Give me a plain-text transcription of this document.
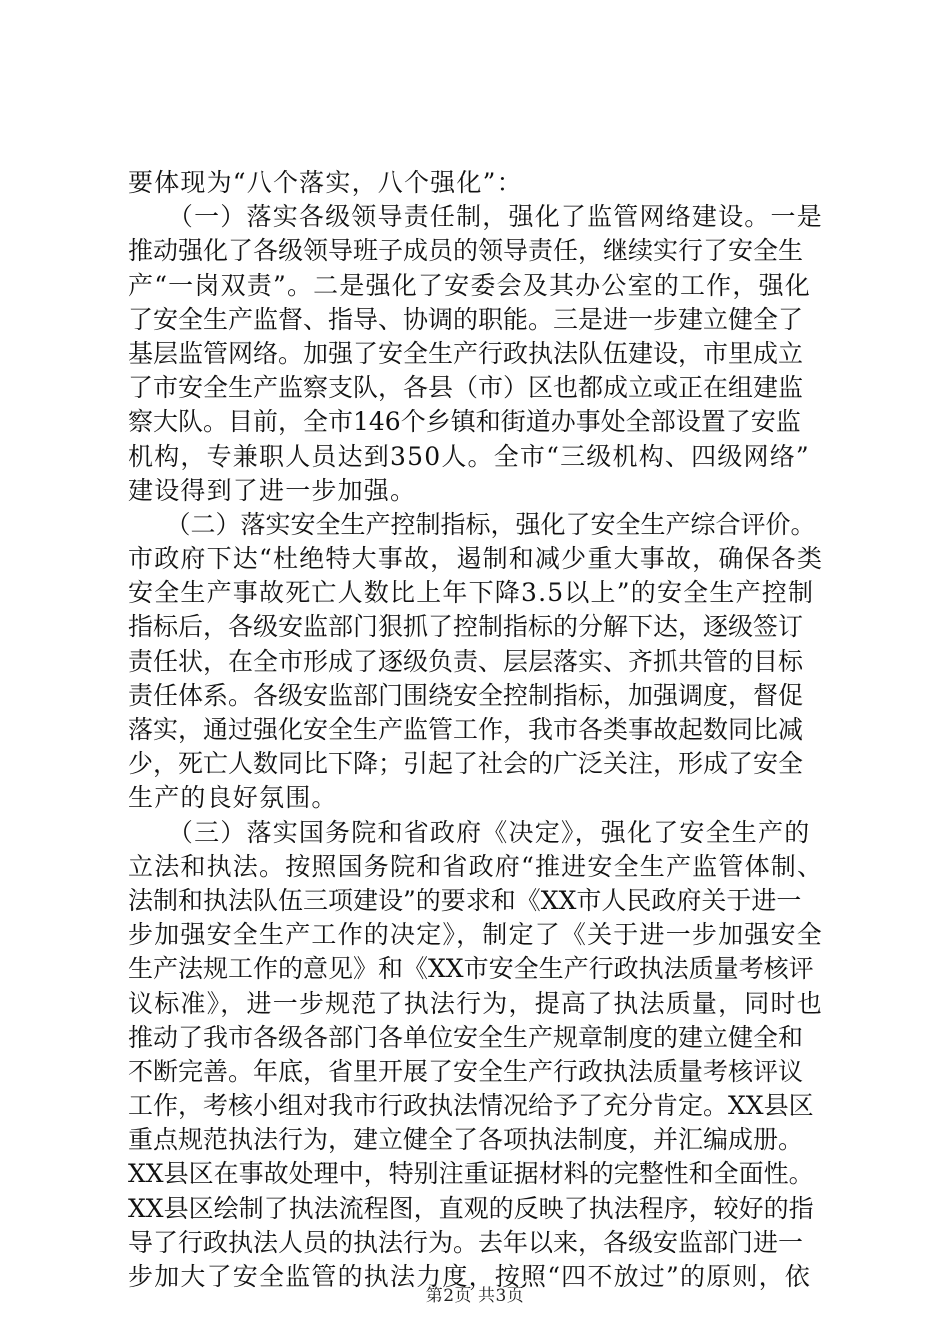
要体现为“八个落实，八个强化”：
　　（一）落实各级领导责任制，强化了监管网络建设。一是
推动强化了各级领导班子成员的领导责任，继续实行了安全生
产“一岗双责”。二是强化了安委会及其办公室的工作，强化
了安全生产监督、指导、协调的职能。三是进一步建立健全了
基层监管网络。加强了安全生产行政执法队伍建设，市里成立
了市安全生产监察支队，各县（市）区也都成立或正在组建监
察大队。目前，全市146个乡镇和街道办事处全部设置了安监
机构，专兼职人员达到350人。全市“三级机构、四级网络”
建设得到了进一步加强。
　　（二）落实安全生产控制指标，强化了安全生产综合评价。
市政府下达“杜绝特大事故，遏制和减少重大事故，确保各类
安全生产事故死亡人数比上年下降3.5以上”的安全生产控制
指标后，各级安监部门狠抓了控制指标的分解下达，逐级签订
责任状，在全市形成了逐级负责、层层落实、齐抓共管的目标
责任体系。各级安监部门围绕安全控制指标，加强调度，督促
落实，通过强化安全生产监管工作，我市各类事故起数同比减
少，死亡人数同比下降；引起了社会的广泛关注，形成了安全
生产的良好氛围。
　　（三）落实国务院和省政府《决定》，强化了安全生产的
立法和执法。按照国务院和省政府“推进安全生产监管体制、
法制和执法队伍三项建设”的要求和《XX市人民政府关于进一
步加强安全生产工作的决定》，制定了《关于进一步加强安全
生产法规工作的意见》和《XX市安全生产行政执法质量考核评
议标准》，进一步规范了执法行为，提高了执法质量，同时也
推动了我市各级各部门各单位安全生产规章制度的建立健全和
不断完善。年底，省里开展了安全生产行政执法质量考核评议
工作，考核小组对我市行政执法情况给予了充分肯定。XX县区
重点规范执法行为，建立健全了各项执法制度，并汇编成册。
XX县区在事故处理中，特别注重证据材料的完整性和全面性。
XX县区绘制了执法流程图，直观的反映了执法程序，较好的指
导了行政执法人员的执法行为。去年以来，各级安监部门进一
步加大了安全监管的执法力度，按照“四不放过”的原则，依
第2页 共3页
